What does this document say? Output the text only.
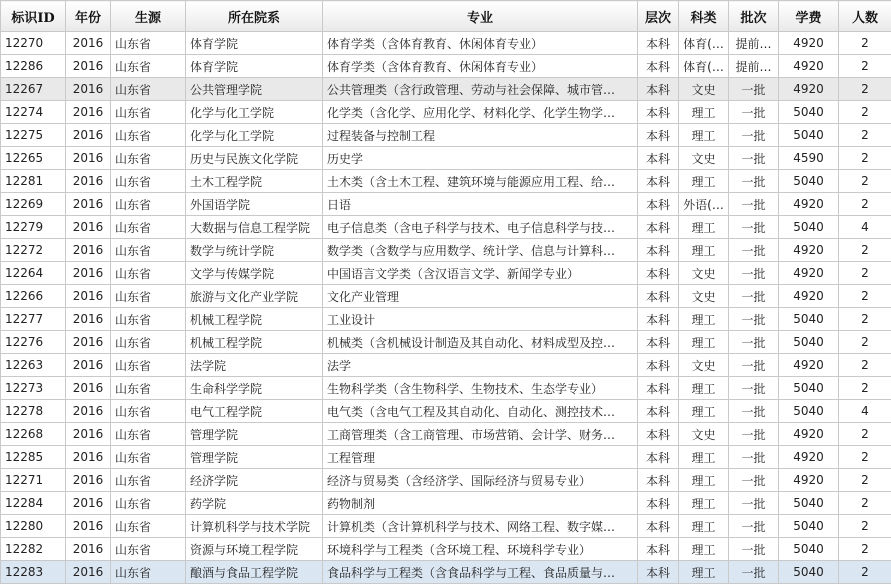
标识ID	年份	生源	所在院系	专业	层次	科类	批次	学费	人数
12270	2016	山东省	体育学院	体育学类（含体育教育、休闲体育专业）	本科	体育(…	提前…	4920	2
12286	2016	山东省	体育学院	体育学类（含体育教育、休闲体育专业）	本科	体育(…	提前…	4920	2
12267	2016	山东省	公共管理学院	公共管理类（含行政管理、劳动与社会保障、城市管…	本科	文史	一批	4920	2
12274	2016	山东省	化学与化工学院	化学类（含化学、应用化学、材料化学、化学生物学…	本科	理工	一批	5040	2
12275	2016	山东省	化学与化工学院	过程装备与控制工程	本科	理工	一批	5040	2
12265	2016	山东省	历史与民族文化学院	历史学	本科	文史	一批	4590	2
12281	2016	山东省	土木工程学院	土木类（含土木工程、建筑环境与能源应用工程、给…	本科	理工	一批	5040	2
12269	2016	山东省	外国语学院	日语	本科	外语(…	一批	4920	2
12279	2016	山东省	大数据与信息工程学院	电子信息类（含电子科学与技术、电子信息科学与技…	本科	理工	一批	5040	4
12272	2016	山东省	数学与统计学院	数学类（含数学与应用数学、统计学、信息与计算科…	本科	理工	一批	4920	2
12264	2016	山东省	文学与传媒学院	中国语言文学类（含汉语言文学、新闻学专业）	本科	文史	一批	4920	2
12266	2016	山东省	旅游与文化产业学院	文化产业管理	本科	文史	一批	4920	2
12277	2016	山东省	机械工程学院	工业设计	本科	理工	一批	5040	2
12276	2016	山东省	机械工程学院	机械类（含机械设计制造及其自动化、材料成型及控…	本科	理工	一批	5040	2
12263	2016	山东省	法学院	法学	本科	文史	一批	4920	2
12273	2016	山东省	生命科学学院	生物科学类（含生物科学、生物技术、生态学专业）	本科	理工	一批	5040	2
12278	2016	山东省	电气工程学院	电气类（含电气工程及其自动化、自动化、测控技术…	本科	理工	一批	5040	4
12268	2016	山东省	管理学院	工商管理类（含工商管理、市场营销、会计学、财务…	本科	文史	一批	4920	2
12285	2016	山东省	管理学院	工程管理	本科	理工	一批	4920	2
12271	2016	山东省	经济学院	经济与贸易类（含经济学、国际经济与贸易专业）	本科	理工	一批	4920	2
12284	2016	山东省	药学院	药物制剂	本科	理工	一批	5040	2
12280	2016	山东省	计算机科学与技术学院	计算机类（含计算机科学与技术、网络工程、数字媒…	本科	理工	一批	5040	2
12282	2016	山东省	资源与环境工程学院	环境科学与工程类（含环境工程、环境科学专业）	本科	理工	一批	5040	2
12283	2016	山东省	酿酒与食品工程学院	食品科学与工程类（含食品科学与工程、食品质量与…	本科	理工	一批	5040	2
